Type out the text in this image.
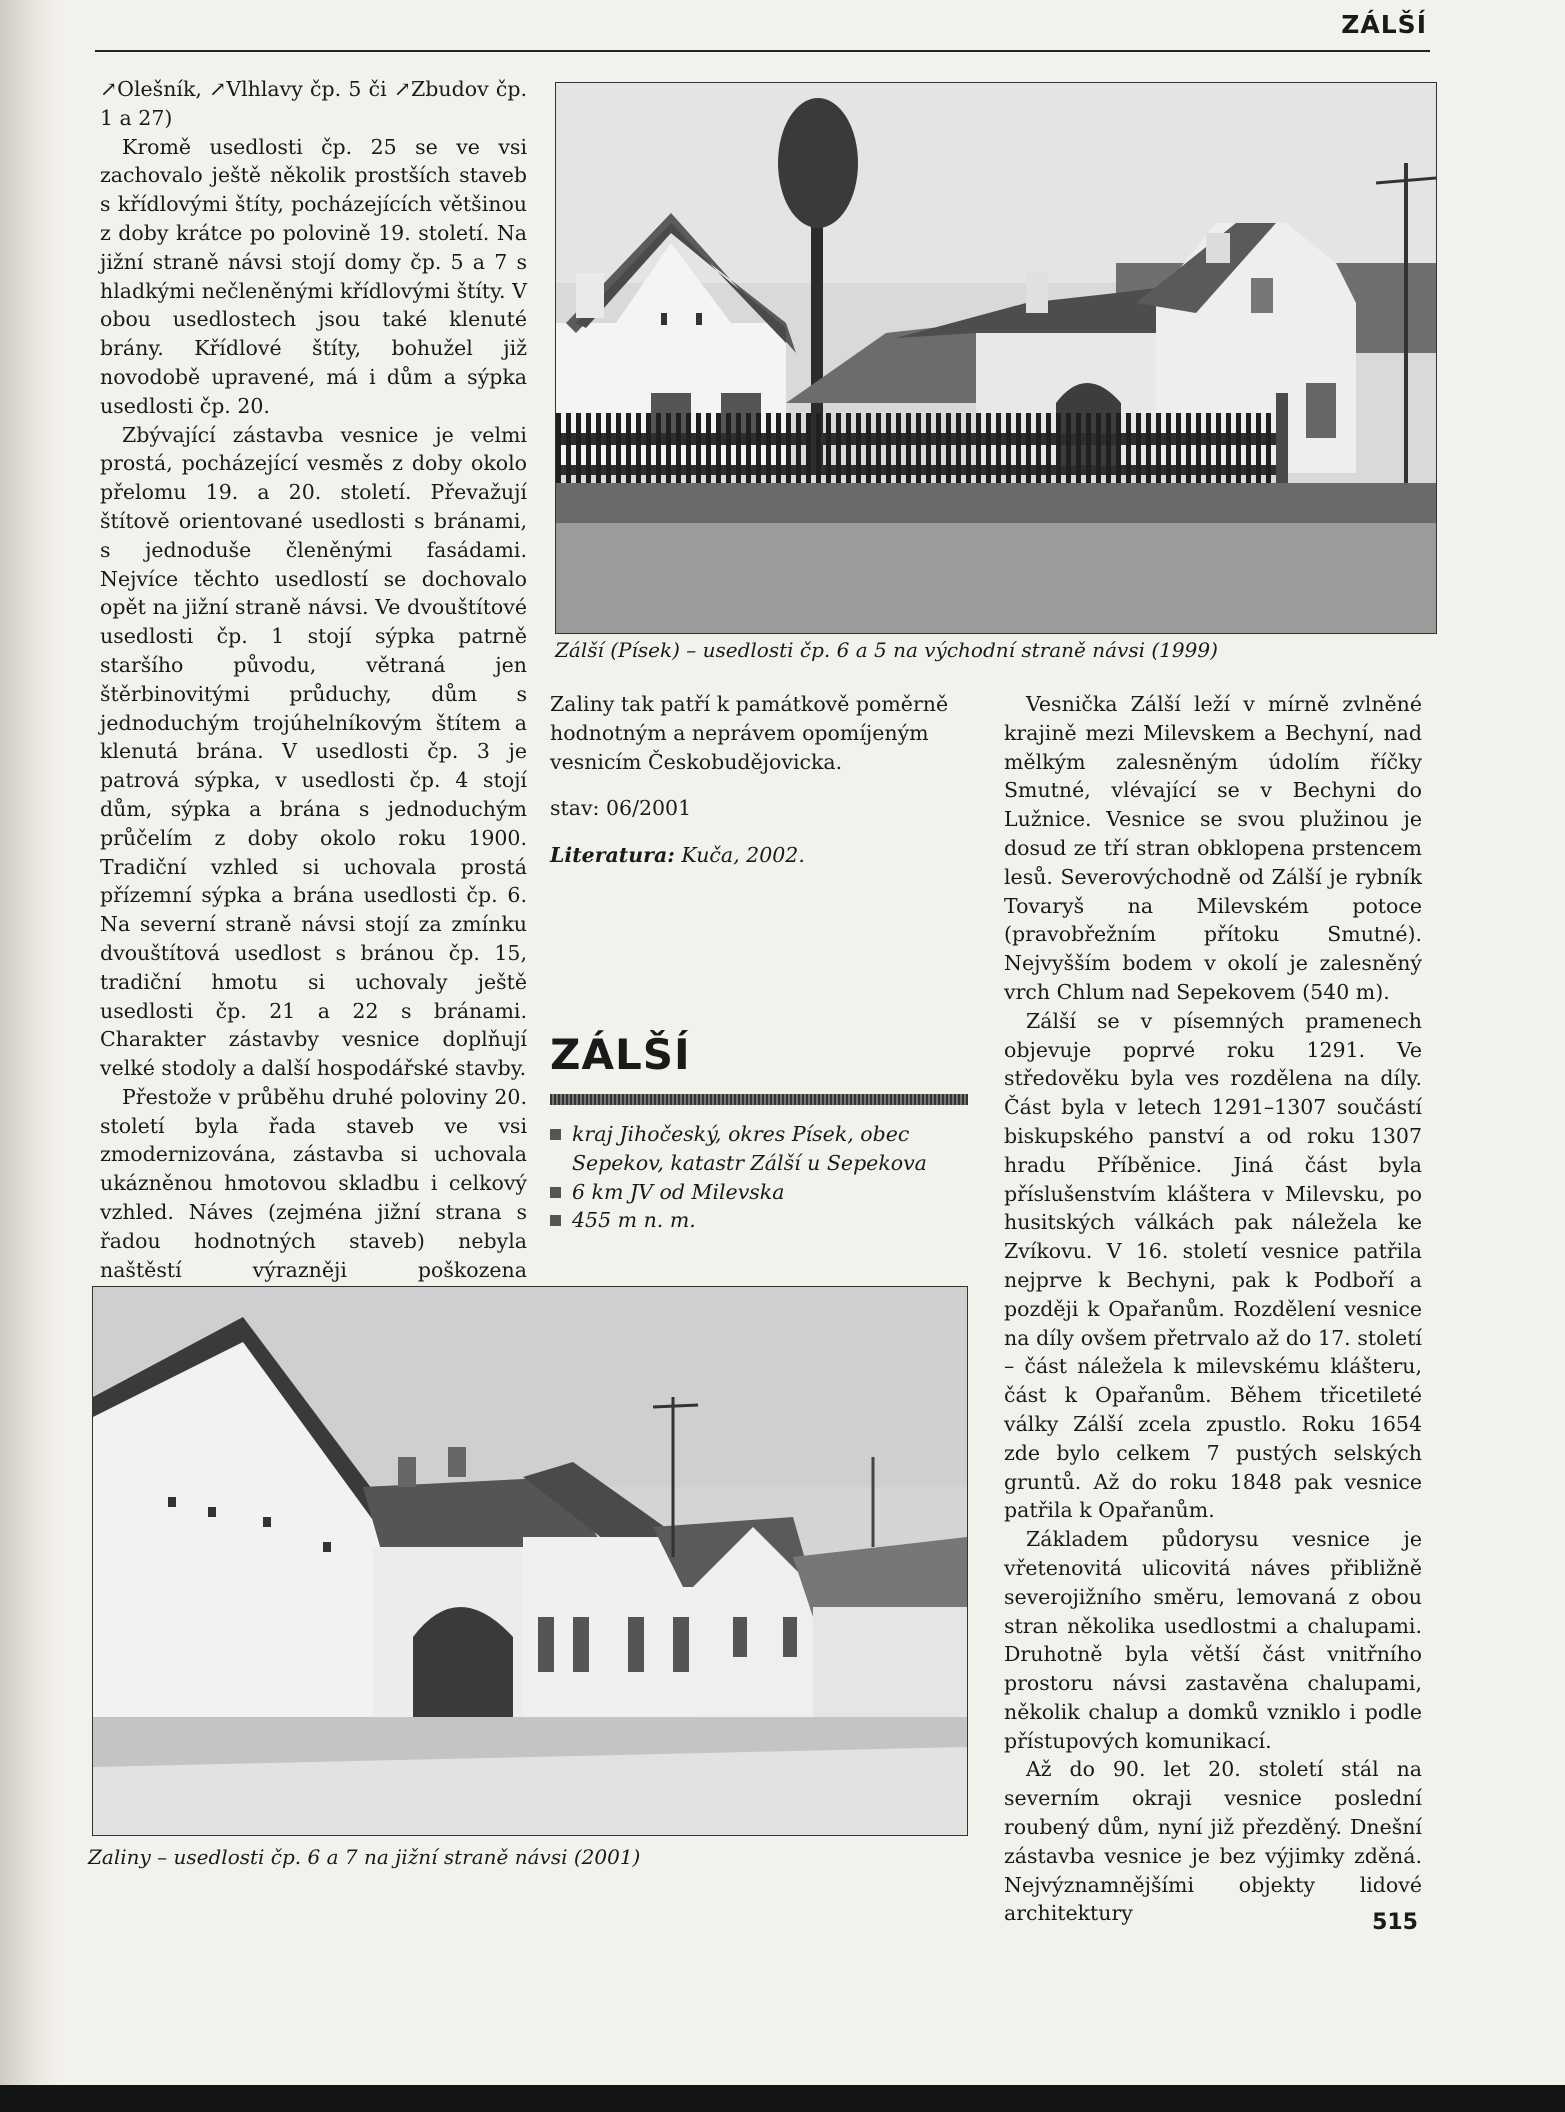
ZÁLŠÍ

↗Olešník, ↗Vlhlavy čp. 5 či ↗Zbudov čp. 1 a 27)

Kromě usedlosti čp. 25 se ve vsi zachovalo ještě několik prostších staveb s křídlovými štíty, pocházejících většinou z doby krátce po polovině 19. století. Na jižní straně návsi stojí domy čp. 5 a 7 s hladkými nečleněnými křídlovými štíty. V obou usedlostech jsou také klenuté brány. Křídlové štíty, bohužel již novodobě upravené, má i dům a sýpka usedlosti čp. 20.

Zbývající zástavba vesnice je velmi prostá, pocházející vesměs z doby okolo přelomu 19. a 20. století. Převažují štítově orientované usedlosti s bránami, s jednoduše členěnými fasádami. Nejvíce těchto usedlostí se dochovalo opět na jižní straně návsi. Ve dvouštítové usedlosti čp. 1 stojí sýpka patrně staršího původu, větraná jen štěrbinovitými průduchy, dům s jednoduchým trojúhelníkovým štítem a klenutá brána. V usedlosti čp. 3 je patrová sýpka, v usedlosti čp. 4 stojí dům, sýpka a brána s jednoduchým průčelím z doby okolo roku 1900. Tradiční vzhled si uchovala prostá přízemní sýpka a brána usedlosti čp. 6. Na severní straně návsi stojí za zmínku dvouštítová usedlost s bránou čp. 15, tradiční hmotu si uchovaly ještě usedlosti čp. 21 a 22 s bránami. Charakter zástavby vesnice doplňují velké stodoly a další hospodářské stavby.

Přestože v průběhu druhé poloviny 20. století byla řada staveb ve vsi zmodernizována, zástavba si uchovala ukázněnou hmotovou skladbu i celkový vzhled. Náves (zejména jižní strana s řadou hodnotných staveb) nebyla naštěstí výrazněji poškozena

Zálší (Písek) – usedlosti čp. 6 a 5 na východní straně návsi (1999)

Zaliny tak patří k památkově poměrně hodnotným a neprávem opomíjeným vesnicím Českobudějovicka.

stav: 06/2001

Literatura: Kuča, 2002.

ZÁLŠÍ
kraj Jihočeský, okres Písek, obec Sepekov, katastr Zálší u Sepekova
6 km JV od Milevska
455 m n. m.

Vesnička Zálší leží v mírně zvlněné krajině mezi Milevskem a Bechyní, nad mělkým zalesněným údolím říčky Smutné, vlévající se v Bechyni do Lužnice. Vesnice se svou plužinou je dosud ze tří stran obklopena prstencem lesů. Severovýchodně od Zálší je rybník Tovaryš na Milevském potoce (pravobřežním přítoku Smutné). Nejvyšším bodem v okolí je zalesněný vrch Chlum nad Sepekovem (540 m).

Zálší se v písemných pramenech objevuje poprvé roku 1291. Ve středověku byla ves rozdělena na díly. Část byla v letech 1291–1307 součástí biskupského panství a od roku 1307 hradu Příběnice. Jiná část byla příslušenstvím kláštera v Milevsku, po husitských válkách pak náležela ke Zvíkovu. V 16. století vesnice patřila nejprve k Bechyni, pak k Podboří a později k Opařanům. Rozdělení vesnice na díly ovšem přetrvalo až do 17. století – část náležela k milevskému klášteru, část k Opařanům. Během třicetileté války Zálší zcela zpustlo. Roku 1654 zde bylo celkem 7 pustých selských gruntů. Až do roku 1848 pak vesnice patřila k Opařanům.

Základem půdorysu vesnice je vřetenovitá ulicovitá náves přibližně severojižního směru, lemovaná z obou stran několika usedlostmi a chalupami. Druhotně byla větší část vnitřního prostoru návsi zastavěna chalupami, několik chalup a domků vzniklo i podle přístupových komunikací.

Až do 90. let 20. století stál na severním okraji vesnice poslední roubený dům, nyní již přezděný. Dnešní zástavba vesnice je bez výjimky zděná. Nejvýznamnějšími objekty lidové architektury

Zaliny – usedlosti čp. 6 a 7 na jižní straně návsi (2001)
515
